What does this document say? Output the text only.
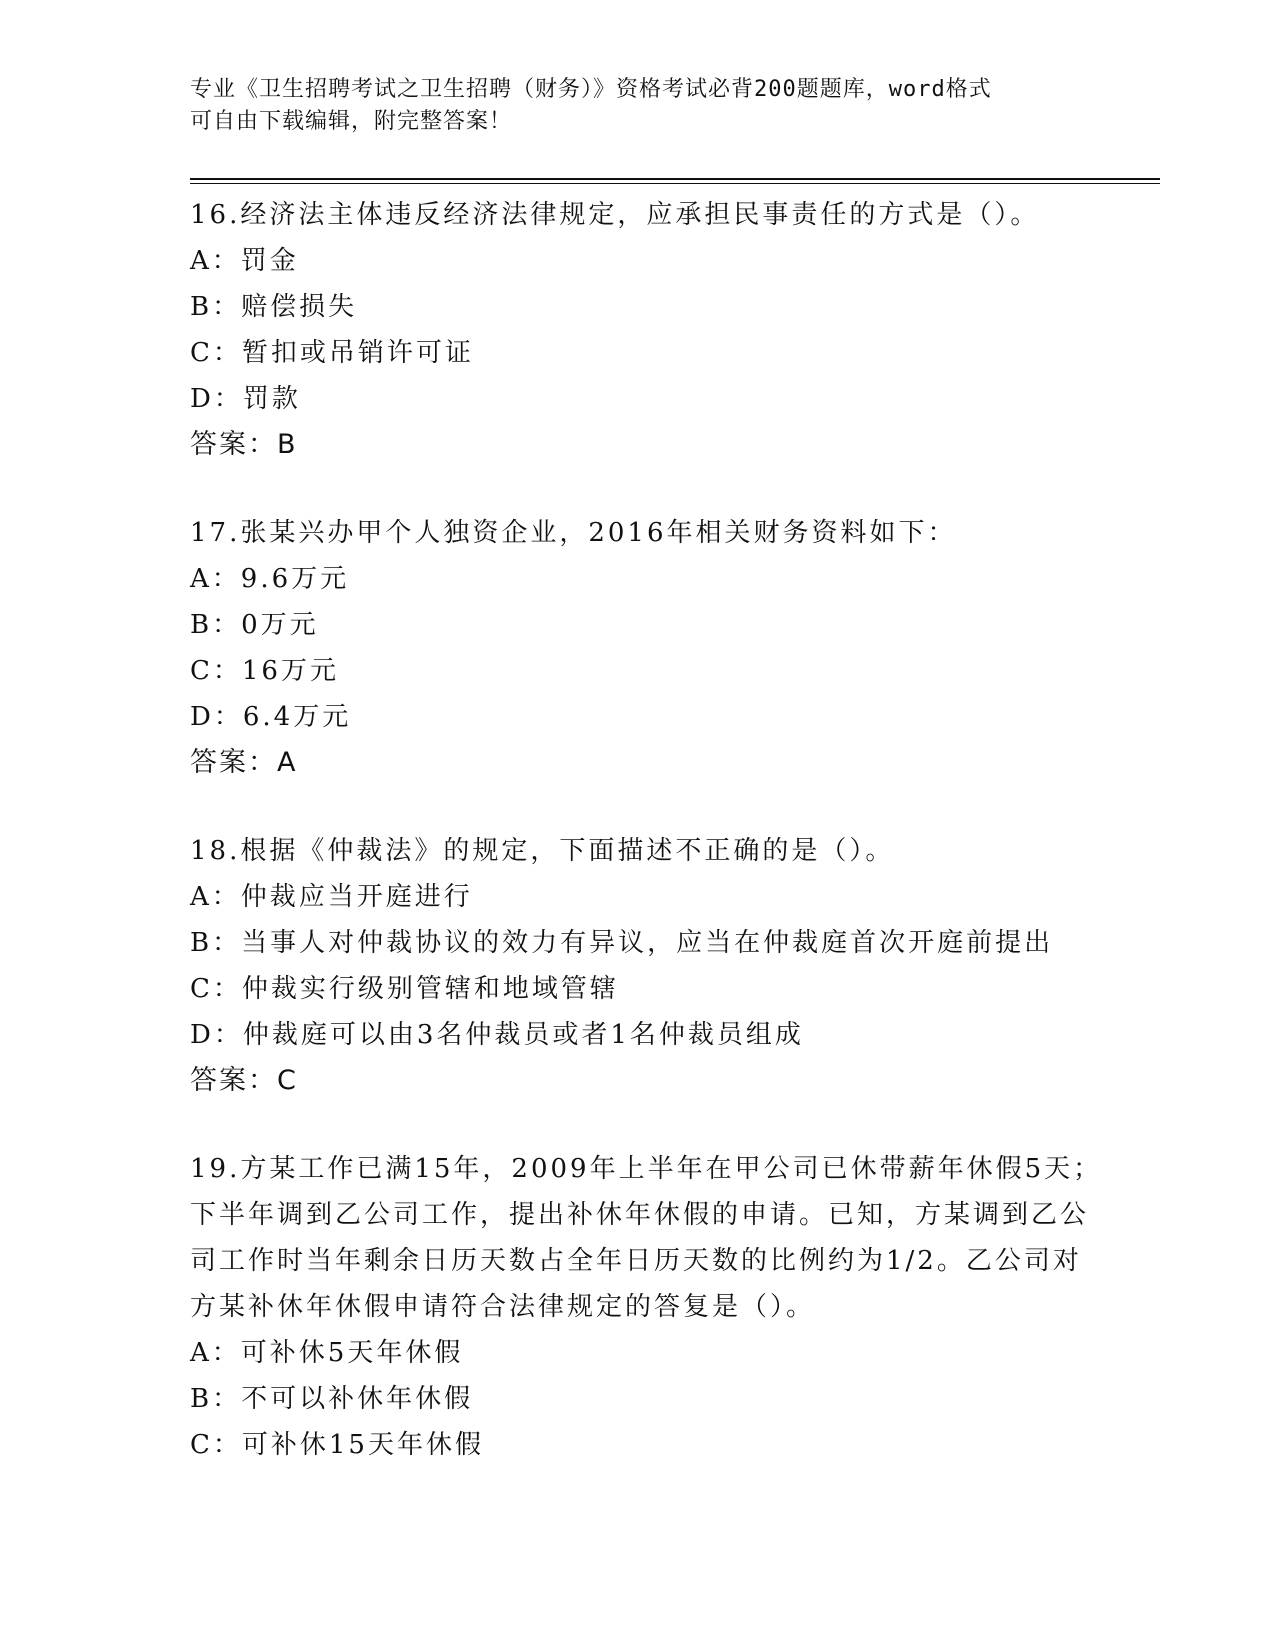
专业《卫生招聘考试之卫生招聘（财务）》资格考试必背200题题库，word格式
可自由下载编辑，附完整答案！

16.经济法主体违反经济法律规定，应承担民事责任的方式是（）。

A：罚金

B：赔偿损失

C：暂扣或吊销许可证

D：罚款

答案：B

17.张某兴办甲个人独资企业，2016年相关财务资料如下：

A：9.6万元

B：0万元

C：16万元

D：6.4万元

答案：A

18.根据《仲裁法》的规定，下面描述不正确的是（）。

A：仲裁应当开庭进行

B：当事人对仲裁协议的效力有异议，应当在仲裁庭首次开庭前提出

C：仲裁实行级别管辖和地域管辖

D：仲裁庭可以由3名仲裁员或者1名仲裁员组成

答案：C

19.方某工作已满15年，2009年上半年在甲公司已休带薪年休假5天；下半年调到乙公司工作，提出补休年休假的申请。已知，方某调到乙公司工作时当年剩余日历天数占全年日历天数的比例约为1/2。乙公司对方某补休年休假申请符合法律规定的答复是（）。

A：可补休5天年休假

B：不可以补休年休假

C：可补休15天年休假
